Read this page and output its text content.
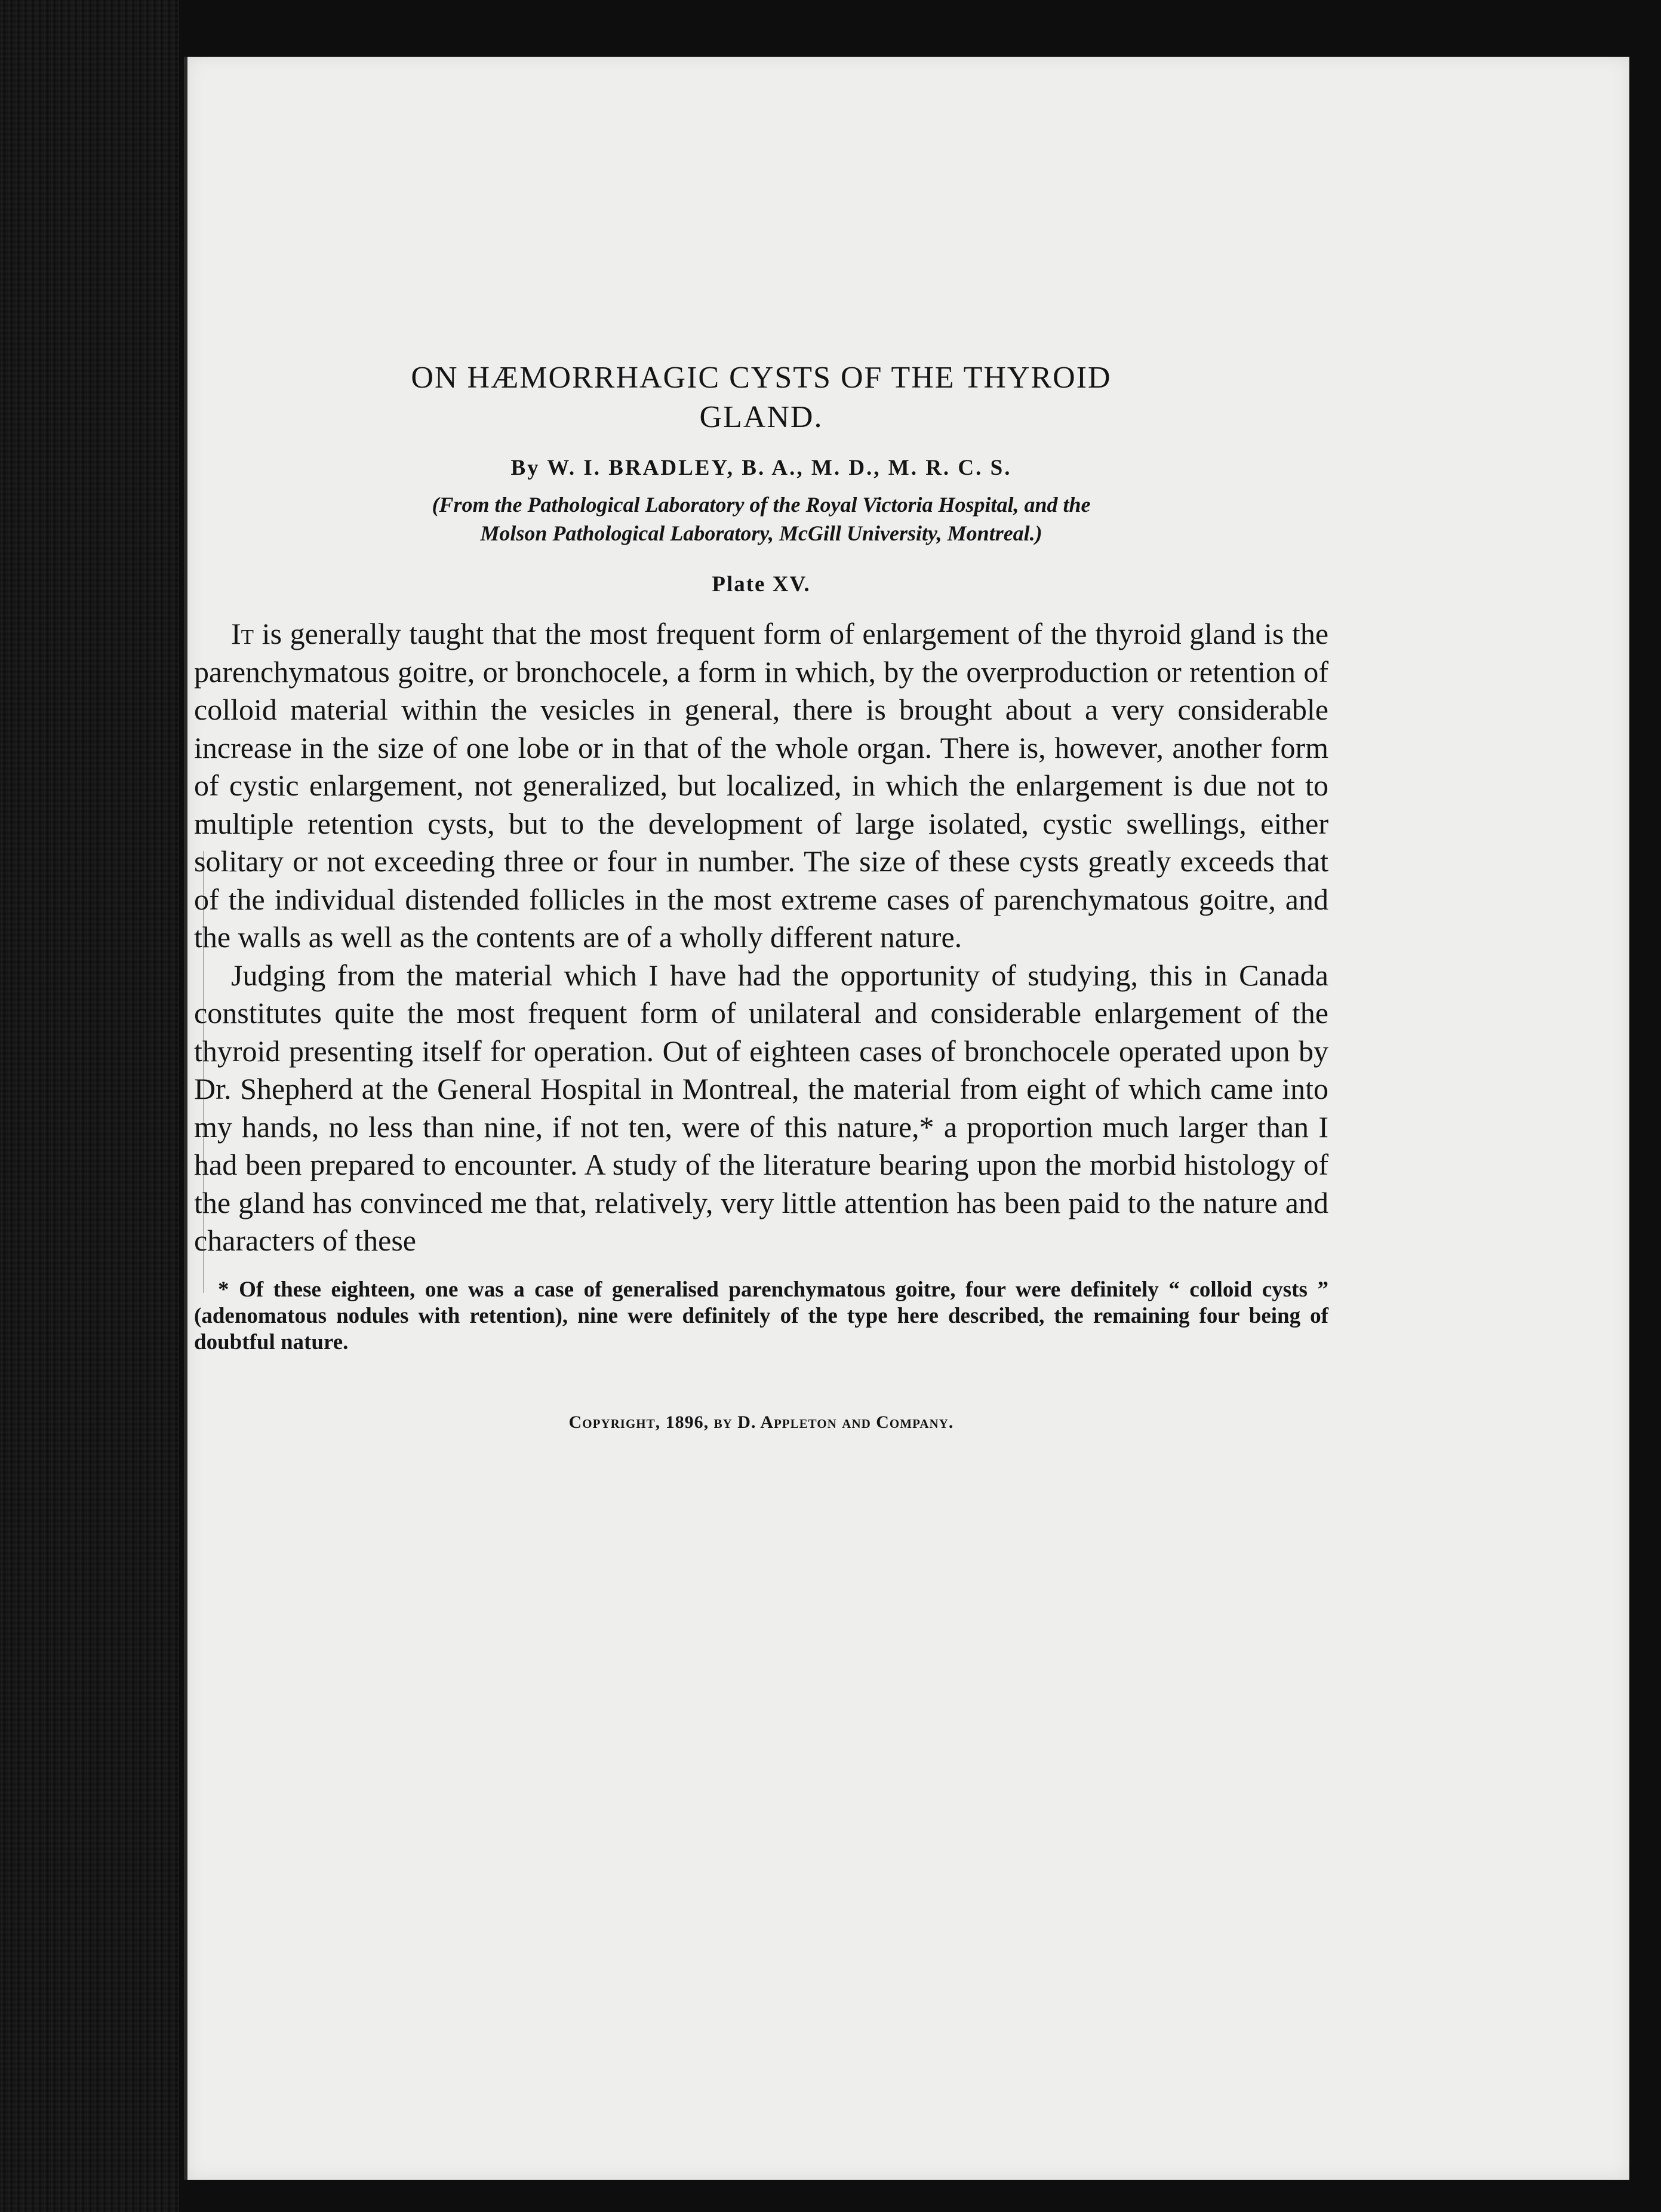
ON HÆMORRHAGIC CYSTS OF THE THYROID
GLAND.
By W. I. BRADLEY, B. A., M. D., M. R. C. S.
(From the Pathological Laboratory of the Royal Victoria Hospital, and the
Molson Pathological Laboratory, McGill University, Montreal.)
Plate XV.

It is generally taught that the most frequent form of enlargement of the thyroid gland is the parenchymatous goitre, or bronchocele, a form in which, by the overproduction or retention of colloid material within the vesicles in general, there is brought about a very considerable increase in the size of one lobe or in that of the whole organ. There is, however, another form of cystic enlargement, not generalized, but localized, in which the enlargement is due not to multiple retention cysts, but to the development of large isolated, cystic swellings, either solitary or not exceeding three or four in number. The size of these cysts greatly exceeds that of the individual distended follicles in the most extreme cases of parenchymatous goitre, and the walls as well as the contents are of a wholly different nature.

Judging from the material which I have had the opportunity of studying, this in Canada constitutes quite the most frequent form of unilateral and considerable enlargement of the thyroid presenting itself for operation. Out of eighteen cases of bronchocele operated upon by Dr. Shepherd at the General Hospital in Montreal, the material from eight of which came into my hands, no less than nine, if not ten, were of this nature,* a proportion much larger than I had been prepared to encounter. A study of the literature bearing upon the morbid histology of the gland has convinced me that, relatively, very little attention has been paid to the nature and characters of these

* Of these eighteen, one was a case of generalised parenchymatous goitre, four were definitely “ colloid cysts ” (adenomatous nodules with retention), nine were definitely of the type here described, the remaining four being of doubtful nature.
Copyright, 1896, by D. Appleton and Company.
